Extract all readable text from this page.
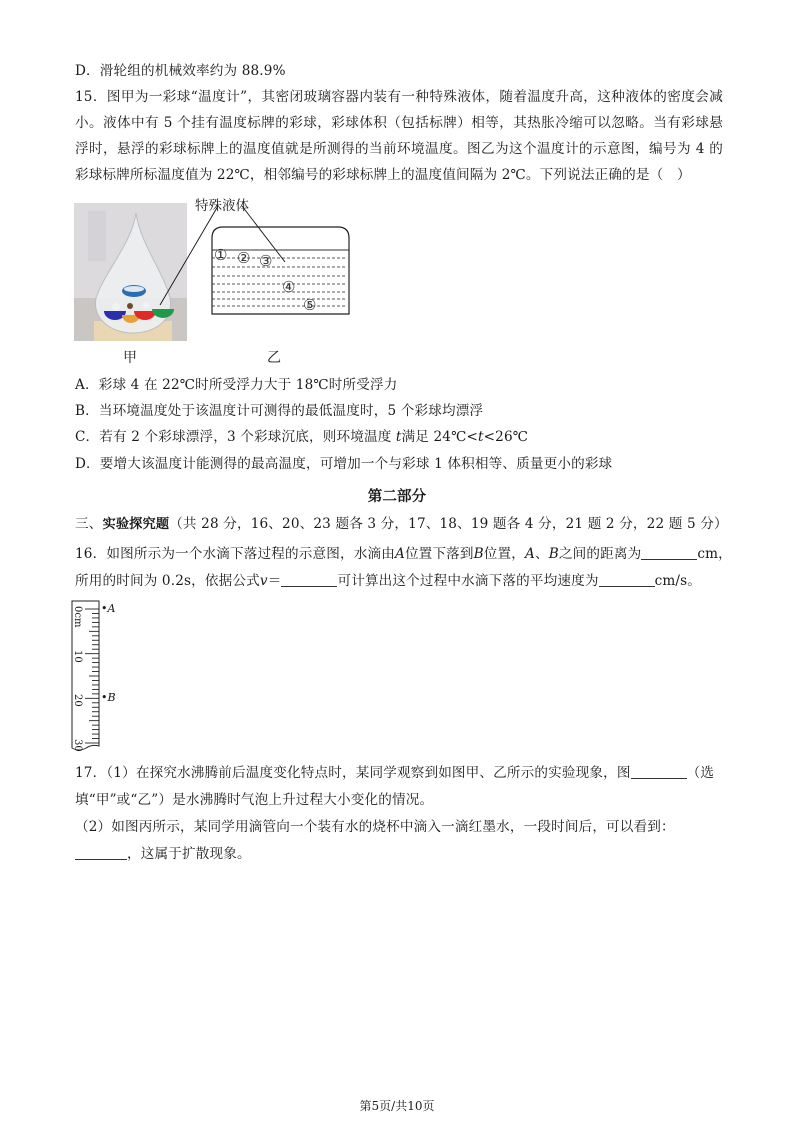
D．滑轮组的机械效率约为 88.9%
15．图甲为一彩球“温度计”，其密闭玻璃容器内装有一种特殊液体，随着温度升高，这种液体的密度会减
小。液体中有 5 个挂有温度标牌的彩球，彩球体积（包括标牌）相等，其热胀冷缩可以忽略。当有彩球悬
浮时，悬浮的彩球标牌上的温度值就是所测得的当前环境温度。图乙为这个温度计的示意图，编号为 4 的
彩球标牌所标温度值为 22℃，相邻编号的彩球标牌上的温度值间隔为 2℃。下列说法正确的是（　）
① ② ③
④
⑤
特殊液体
甲	乙
A．彩球 4 在 22℃时所受浮力大于 18℃时所受浮力
B．当环境温度处于该温度计可测得的最低温度时，5 个彩球均漂浮
C．若有 2 个彩球漂浮，3 个彩球沉底，则环境温度 t满足 24℃<t<26℃
D．要增大该温度计能测得的最高温度，可增加一个与彩球 1 体积相等、质量更小的彩球
第二部分
三、实验探究题（共 28 分，16、20、23 题各 3 分，17、18、19 题各 4 分，21 题 2 分，22 题 5 分）
16．如图所示为一个水滴下落过程的示意图，水滴由A位置下落到B位置，A、B之间的距离为	cm，
所用的时间为 0.2s，依据公式v＝	可计算出这个过程中水滴下落的平均速度为	cm/s。
0cm
10
20
30
•A
•B
17．（1）在探究水沸腾前后温度变化特点时，某同学观察到如图甲、乙所示的实验现象，图	（选
填“甲”或“乙”）是水沸腾时气泡上升过程大小变化的情况。
（2）如图丙所示，某同学用滴管向一个装有水的烧杯中滴入一滴红墨水，一段时间后，可以看到：
，这属于扩散现象。
第5页/共10页
